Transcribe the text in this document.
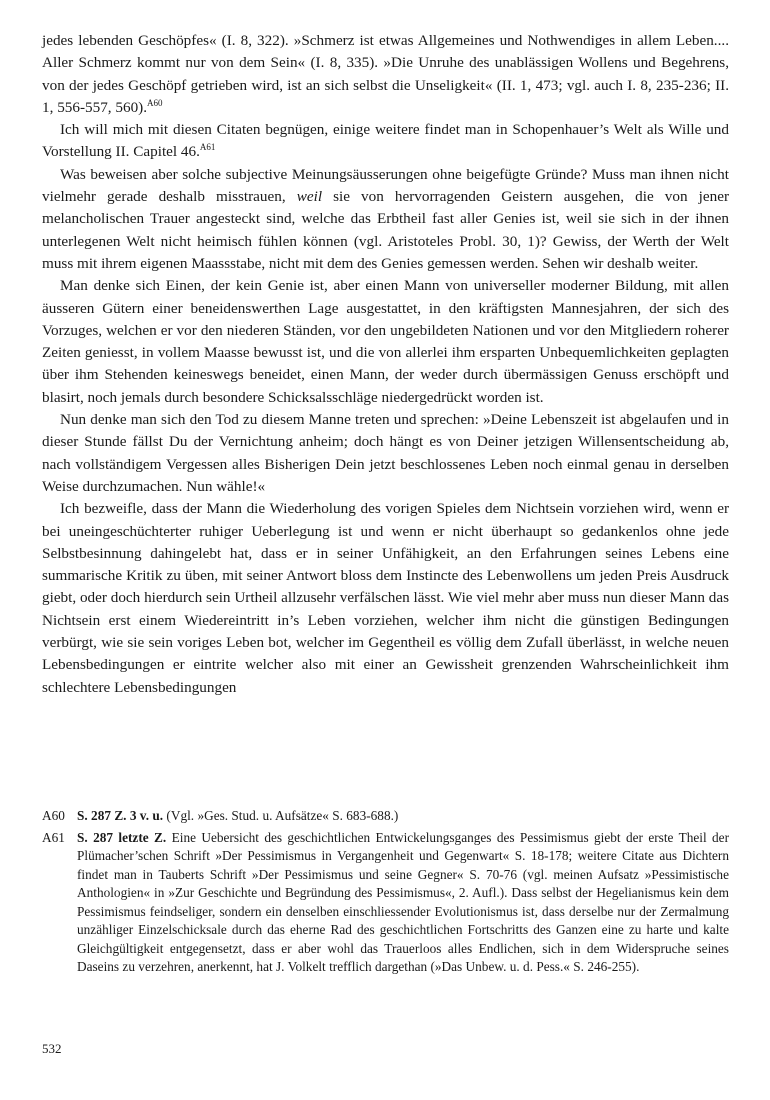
jedes lebenden Geschöpfes« (I. 8, 322). »Schmerz ist etwas Allgemeines und Nothwendiges in allem Leben.... Aller Schmerz kommt nur von dem Sein« (I. 8, 335). »Die Unruhe des unablässigen Wollens und Begehrens, von der jedes Geschöpf getrieben wird, ist an sich selbst die Unseligkeit« (II. 1, 473; vgl. auch I. 8, 235-236; II. 1, 556-557, 560).$^{A60}$

Ich will mich mit diesen Citaten begnügen, einige weitere findet man in Schopenhauer’s Welt als Wille und Vorstellung II. Capitel 46.$^{A61}$

Was beweisen aber solche subjective Meinungsäusserungen ohne beigefügte Gründe? Muss man ihnen nicht vielmehr gerade deshalb misstrauen, weil sie von hervorragenden Geistern ausgehen, die von jener melancholischen Trauer angesteckt sind, welche das Erbtheil fast aller Genies ist, weil sie sich in der ihnen unterlegenen Welt nicht heimisch fühlen können (vgl. Aristoteles Probl. 30, 1)? Gewiss, der Werth der Welt muss mit ihrem eigenen Maassstabe, nicht mit dem des Genies gemessen werden. Sehen wir deshalb weiter.

Man denke sich Einen, der kein Genie ist, aber einen Mann von universeller moderner Bildung, mit allen äusseren Gütern einer beneidenswerthen Lage ausgestattet, in den kräftigsten Mannesjahren, der sich des Vorzuges, welchen er vor den niederen Ständen, vor den ungebildeten Nationen und vor den Mitgliedern roherer Zeiten geniesst, in vollem Maasse bewusst ist, und die von allerlei ihm ersparten Unbequemlichkeiten geplagten über ihm Stehenden keineswegs beneidet, einen Mann, der weder durch übermässigen Genuss erschöpft und blasirt, noch jemals durch besondere Schicksalsschläge niedergedrückt worden ist.

Nun denke man sich den Tod zu diesem Manne treten und sprechen: »Deine Lebenszeit ist abgelaufen und in dieser Stunde fällst Du der Vernichtung anheim; doch hängt es von Deiner jetzigen Willensentscheidung ab, nach vollständigem Vergessen alles Bisherigen Dein jetzt beschlossenes Leben noch einmal genau in derselben Weise durchzumachen. Nun wähle!«

Ich bezweifle, dass der Mann die Wiederholung des vorigen Spieles dem Nichtsein vorziehen wird, wenn er bei uneingeschüchterter ruhiger Ueberlegung ist und wenn er nicht überhaupt so gedankenlos ohne jede Selbstbesinnung dahingelebt hat, dass er in seiner Unfähigkeit, an den Erfahrungen seines Lebens eine summarische Kritik zu üben, mit seiner Antwort bloss dem Instincte des Lebenwollens um jeden Preis Ausdruck giebt, oder doch hierdurch sein Urtheil allzusehr verfälschen lässt. Wie viel mehr aber muss nun dieser Mann das Nichtsein erst einem Wiedereintritt in’s Leben vorziehen, welcher ihm nicht die günstigen Bedingungen verbürgt, wie sie sein voriges Leben bot, welcher im Gegentheil es völlig dem Zufall überlässt, in welche neuen Lebensbedingungen er eintrite welcher also mit einer an Gewissheit grenzenden Wahrscheinlichkeit ihm schlechtere Lebensbedingungen

A60 S. 287 Z. 3 v. u. (Vgl. »Ges. Stud. u. Aufsätze« S. 683-688.)
A61 S. 287 letzte Z. Eine Uebersicht des geschichtlichen Entwickelungsganges des Pessimismus giebt der erste Theil der Plümacher’schen Schrift »Der Pessimismus in Vergangenheit und Gegenwart« S. 18-178; weitere Citate aus Dichtern findet man in Tauberts Schrift »Der Pessimismus und seine Gegner« S. 70-76 (vgl. meinen Aufsatz »Pessimistische Anthologien« in »Zur Geschichte und Begründung des Pessimismus«, 2. Aufl.). Dass selbst der Hegelianismus kein dem Pessimismus feindseliger, sondern ein denselben einschliessender Evolutionismus ist, dass derselbe nur der Zermalmung unzähliger Einzelschicksale durch das eherne Rad des geschichtlichen Fortschritts des Ganzen eine zu harte und kalte Gleichgültigkeit entgegensetzt, dass er aber wohl das Trauerloos alles Endlichen, sich in dem Widerspruche seines Daseins zu verzehren, anerkennt, hat J. Volkelt trefflich dargethan (»Das Unbew. u. d. Pess.« S. 246-255).
532
